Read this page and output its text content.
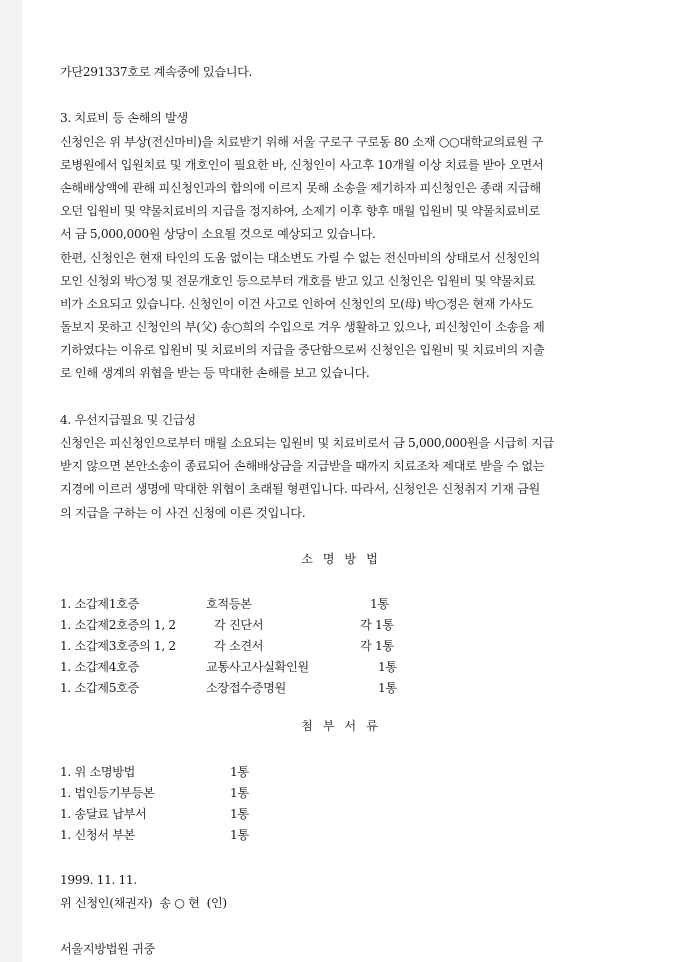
가단291337호로 계속중에 있습니다.
3. 치료비 등 손해의 발생
신청인은 위 부상(전신마비)을 치료받기 위해 서울 구로구 구로동 80 소재 ○○대학교의료원 구
로병원에서 입원치료 및 개호인이 필요한 바, 신청인이 사고후 10개월 이상 치료를 받아 오면서
손해배상액에 관해 피신청인과의 합의에 이르지 못해 소송을 제기하자 피신청인은 종래 지급해
오던 입원비 및 약물치료비의 지급을 정지하여, 소제기 이후 향후 매월 입원비 및 약물치료비로
서 금 5,000,000원 상당이 소요될 것으로 예상되고 있습니다.
한편, 신청인은 현재 타인의 도움 없이는 대소변도 가릴 수 없는 전신마비의 상태로서 신청인의
모인 신청외 박○정 및 전문개호인 등으로부터 개호를 받고 있고 신청인은 입원비 및 약물치료
비가 소요되고 있습니다. 신청인이 이건 사고로 인하여 신청인의 모(母) 박○정은 현재 가사도
돌보지 못하고 신청인의 부(父) 송○희의 수입으로 겨우 생활하고 있으나, 피신청인이 소송을 제
기하였다는 이유로 입원비 및 치료비의 지급을 중단함으로써 신청인은 입원비 및 치료비의 지출
로 인해 생계의 위협을 받는 등 막대한 손해를 보고 있습니다.
4. 우선지급필요 및 긴급성
신청인은 피신청인으로부터 매월 소요되는 입원비 및 치료비로서 금 5,000,000원을 시급히 지급
받지 않으면 본안소송이 종료되어 손해배상금을 지급받을 때까지 치료조차 제대로 받을 수 없는
지경에 이르러 생명에 막대한 위협이 초래될 형편입니다. 따라서, 신청인은 신청취지 기재 금원
의 지급을 구하는 이 사건 신청에 이른 것입니다.
소 명 방 법
1. 소갑제1호증	호적등본	1통
1. 소갑제2호증의 1, 2	각 진단서	각 1통
1. 소갑제3호증의 1, 2	각 소견서	각 1통
1. 소갑제4호증	교통사고사실확인원	1통
1. 소갑제5호증	소장접수증명원	1통
첨 부 서 류
1. 위 소명방법	1통
1. 법인등기부등본	1통
1. 송달료 납부서	1통
1. 신청서 부본	1통
1999. 11. 11.
위 신청인(채권자)  송 ○ 현  (인)
서울지방법원 귀중
